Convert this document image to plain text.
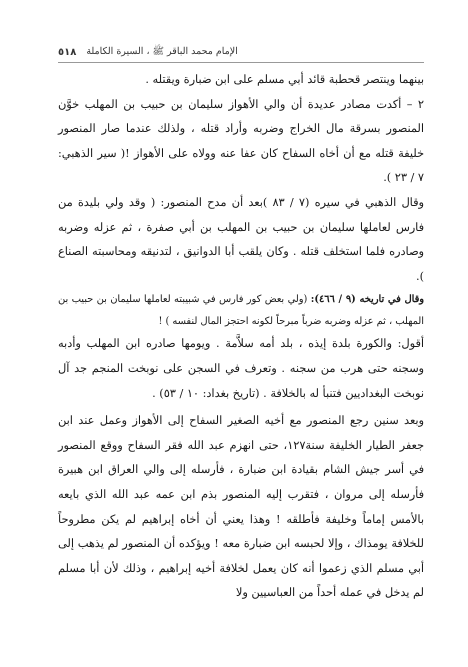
٥١٨ الإمام محمد الباقر ﷺ ، السيرة الكاملة

بينهما وينتصر قحطبة قائد أبي مسلم على ابن ضبارة ويقتله .

٢ – أكدت مصادر عديدة أن والي الأهواز سليمان بن حبيب بن المهلب خوَّن المنصور بسرقة مال الخراج وضربه وأراد قتله ، ولذلك عندما صار المنصور خليفة قتله مع أن أخاه السفاح كان عفا عنه وولاه على الأهواز !( سير الذهبي: ٧ / ٢٣ ).

وقال الذهبي في سيره (٧ / ٨٣ )بعد أن مدح المنصور: ( وقد ولي بليدة من فارس لعاملها سليمان بن حبيب بن المهلب بن أبي صفرة ، ثم عزله وضربه وصادره فلما استخلف قتله . وكان يلقب أبا الدوانيق ، لتدنيقه ومحاسبته الصناع ).

وقال في تاريخه (٩ / ٤٦٦): (ولي بعض كور فارس في شبيبته لعاملها سليمان بن حبيب بن المهلب ، ثم عزله وضربه ضرباً مبرحاً لكونه احتجز المال لنفسه ) !

أقول: والكورة بلدة إيذه ، بلد أمه سلاَّمة . ويومها صادره ابن المهلب وأدبه وسجنه حتى هرب من سجنه . وتعرف في السجن على نوبخت المنجم جد آل نوبخت البغداديين فتنبأ له بالخلافة . (تاريخ بغداد: ١٠ / ٥٣) .

وبعد سنين رجع المنصور مع أخيه الصغير السفاح إلى الأهواز وعمل عند ابن جعفر الطيار الخليفة سنة١٢٧، حتى انهزم عبد الله فقر السفاح ووقع المنصور في أسر جيش الشام بقيادة ابن ضبارة ، فأرسله إلى والي العراق ابن هبيرة فأرسله إلى مروان ، فتقرب إليه المنصور بذم ابن عمه عبد الله الذي بايعه بالأمس إماماً وخليفة فأطلقه ! وهذا يعني أن أخاه إبراهيم لم يكن مطروحاً للخلافة يومذاك ، وإلا لحبسه ابن ضبارة معه ! ويؤكده أن المنصور لم يذهب إلى أبي مسلم الذي زعموا أنه كان يعمل لخلافة أخيه إبراهيم ، وذلك لأن أبا مسلم لم يدخل في عمله أحداً من العباسيين ولا
